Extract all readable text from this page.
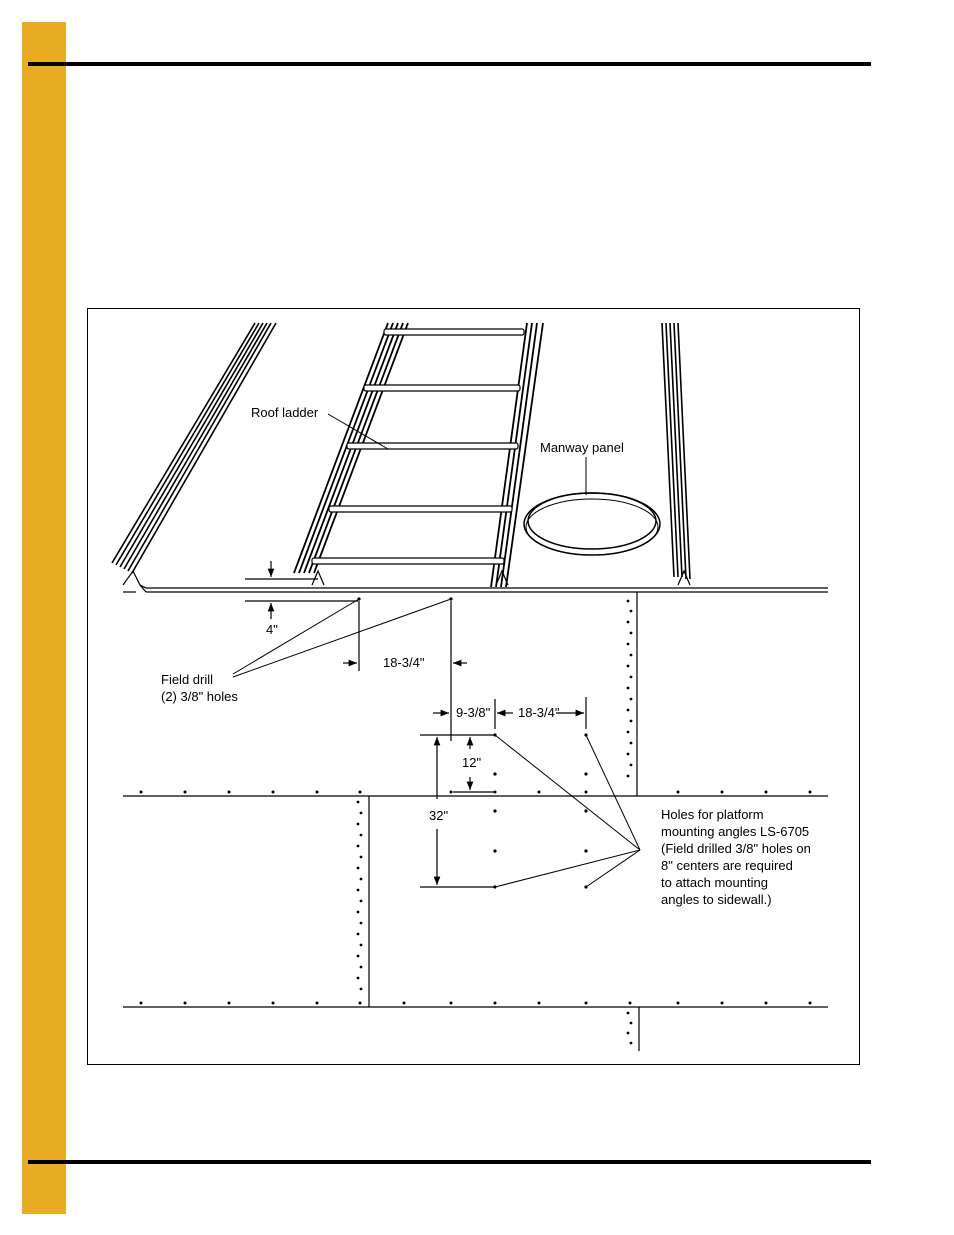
4"
18-3/4"
9-3/8" 18-3/4"
12"
32"
Roof ladder
Manway panel
Field drill
(2) 3/8" holes
Holes for platform
mounting angles LS-6705
(Field drilled 3/8" holes on
8" centers are required
to attach mounting
angles to sidewall.)
